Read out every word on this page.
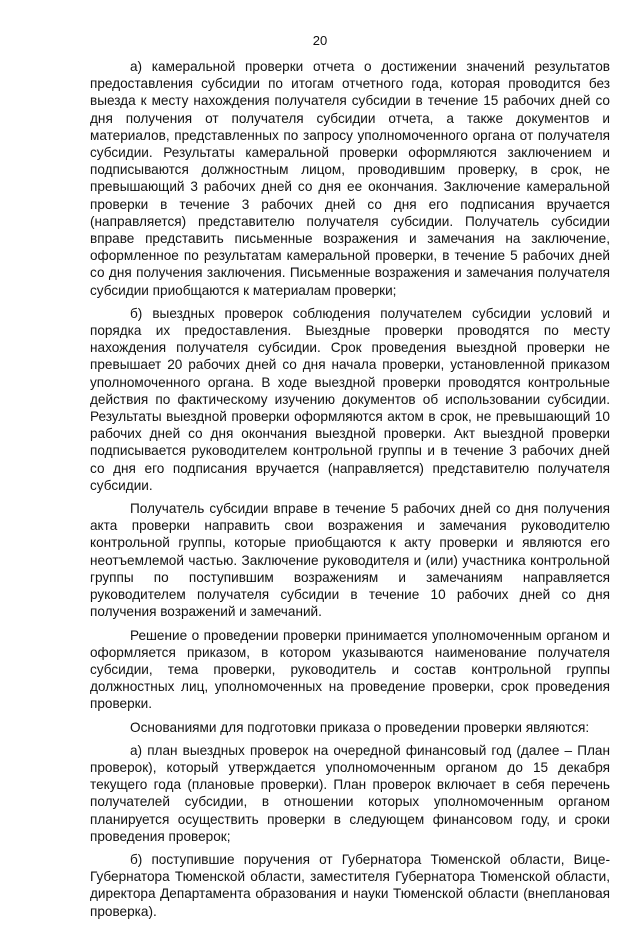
20

а) камеральной проверки отчета о достижении значений результатов предоставления субсидии по итогам отчетного года, которая проводится без выезда к месту нахождения получателя субсидии в течение 15 рабочих дней со дня получения от получателя субсидии отчета, а также документов и материалов, представленных по запросу уполномоченного органа от получателя субсидии. Результаты камеральной проверки оформляются заключением и подписываются должностным лицом, проводившим проверку, в срок, не превышающий 3 рабочих дней со дня ее окончания. Заключение камеральной проверки в течение 3 рабочих дней со дня его подписания вручается (направляется) представителю получателя субсидии. Получатель субсидии вправе представить письменные возражения и замечания на заключение, оформленное по результатам камеральной проверки, в течение 5 рабочих дней со дня получения заключения. Письменные возражения и замечания получателя субсидии приобщаются к материалам проверки;

б) выездных проверок соблюдения получателем субсидии условий и порядка их предоставления. Выездные проверки проводятся по месту нахождения получателя субсидии. Срок проведения выездной проверки не превышает 20 рабочих дней со дня начала проверки, установленной приказом уполномоченного органа. В ходе выездной проверки проводятся контрольные действия по фактическому изучению документов об использовании субсидии. Результаты выездной проверки оформляются актом в срок, не превышающий 10 рабочих дней со дня окончания выездной проверки. Акт выездной проверки подписывается руководителем контрольной группы и в течение 3 рабочих дней со дня его подписания вручается (направляется) представителю получателя субсидии.

Получатель субсидии вправе в течение 5 рабочих дней со дня получения акта проверки направить свои возражения и замечания руководителю контрольной группы, которые приобщаются к акту проверки и являются его неотъемлемой частью. Заключение руководителя и (или) участника контрольной группы по поступившим возражениям и замечаниям направляется руководителем получателя субсидии в течение 10 рабочих дней со дня получения возражений и замечаний.

Решение о проведении проверки принимается уполномоченным органом и оформляется приказом, в котором указываются наименование получателя субсидии, тема проверки, руководитель и состав контрольной группы должностных лиц, уполномоченных на проведение проверки, срок проведения проверки.

Основаниями для подготовки приказа о проведении проверки являются:

а) план выездных проверок на очередной финансовый год (далее – План проверок), который утверждается уполномоченным органом до 15 декабря текущего года (плановые проверки). План проверок включает в себя перечень получателей субсидии, в отношении которых уполномоченным органом планируется осуществить проверки в следующем финансовом году, и сроки проведения проверок;

б) поступившие поручения от Губернатора Тюменской области, Вице-Губернатора Тюменской области, заместителя Губернатора Тюменской области, директора Департамента образования и науки Тюменской области (внеплановая проверка).
